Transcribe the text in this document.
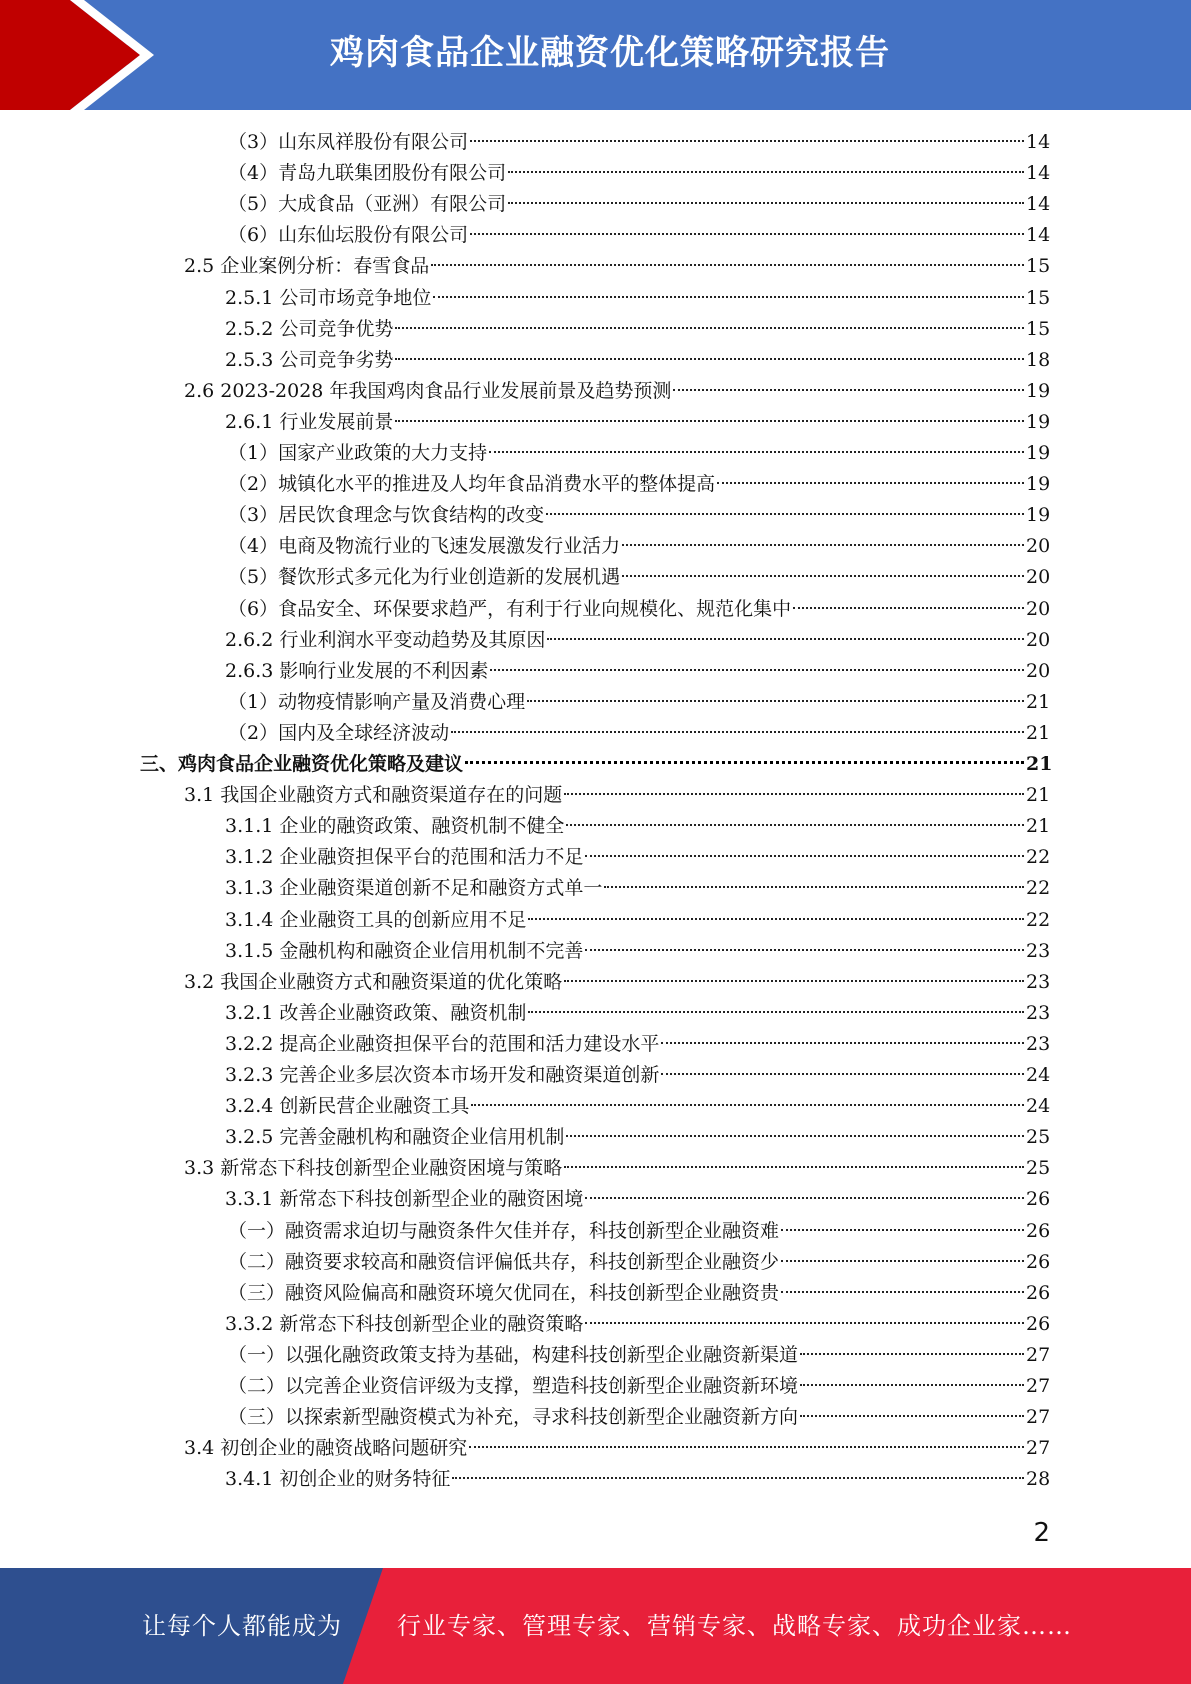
鸡肉食品企业融资优化策略研究报告
（3）山东凤祥股份有限公司	14
（4）青岛九联集团股份有限公司	14
（5）大成食品（亚洲）有限公司	14
（6）山东仙坛股份有限公司	14
2.5 企业案例分析：春雪食品	15
2.5.1 公司市场竞争地位	15
2.5.2 公司竞争优势	15
2.5.3 公司竞争劣势	18
2.6 2023-2028 年我国鸡肉食品行业发展前景及趋势预测	19
2.6.1 行业发展前景	19
（1）国家产业政策的大力支持	19
（2）城镇化水平的推进及人均年食品消费水平的整体提高	19
（3）居民饮食理念与饮食结构的改变	19
（4）电商及物流行业的飞速发展激发行业活力	20
（5）餐饮形式多元化为行业创造新的发展机遇	20
（6）食品安全、环保要求趋严，有利于行业向规模化、规范化集中	20
2.6.2 行业利润水平变动趋势及其原因	20
2.6.3 影响行业发展的不利因素	20
（1）动物疫情影响产量及消费心理	21
（2）国内及全球经济波动	21
三、鸡肉食品企业融资优化策略及建议	21
3.1 我国企业融资方式和融资渠道存在的问题	21
3.1.1 企业的融资政策、融资机制不健全	21
3.1.2 企业融资担保平台的范围和活力不足	22
3.1.3 企业融资渠道创新不足和融资方式单一	22
3.1.4 企业融资工具的创新应用不足	22
3.1.5 金融机构和融资企业信用机制不完善	23
3.2 我国企业融资方式和融资渠道的优化策略	23
3.2.1 改善企业融资政策、融资机制	23
3.2.2 提高企业融资担保平台的范围和活力建设水平	23
3.2.3 完善企业多层次资本市场开发和融资渠道创新	24
3.2.4 创新民营企业融资工具	24
3.2.5 完善金融机构和融资企业信用机制	25
3.3 新常态下科技创新型企业融资困境与策略	25
3.3.1 新常态下科技创新型企业的融资困境	26
（一）融资需求迫切与融资条件欠佳并存，科技创新型企业融资难	26
（二）融资要求较高和融资信评偏低共存，科技创新型企业融资少	26
（三）融资风险偏高和融资环境欠优同在，科技创新型企业融资贵	26
3.3.2 新常态下科技创新型企业的融资策略	26
（一）以强化融资政策支持为基础，构建科技创新型企业融资新渠道	27
（二）以完善企业资信评级为支撑，塑造科技创新型企业融资新环境	27
（三）以探索新型融资模式为补充，寻求科技创新型企业融资新方向	27
3.4 初创企业的融资战略问题研究	27
3.4.1 初创企业的财务特征	28
2
让每个人都能成为 行业专家、管理专家、营销专家、战略专家、成功企业家……
